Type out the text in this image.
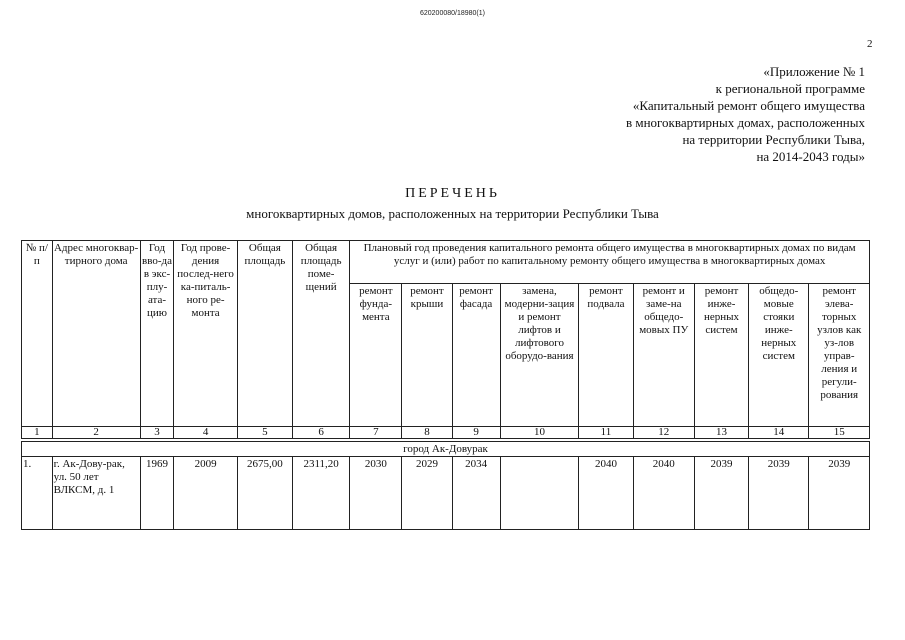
620200080/18980(1)
2
«Приложение № 1
к региональной программе
«Капитальный ремонт общего имущества
в многоквартирных домах, расположенных
на территории Республики Тыва,
на 2014-2043 годы»
ПЕРЕЧЕНЬ
многоквартирных домов, расположенных на территории Республики Тыва
№ п/п	Адрес многоквар-тирного дома	Год вво-да в экс-плу-ата-цию	Год прове-дения послед-него ка-питаль-ного ре-монта	Общая площадь	Общая площадь поме-щений	Плановый год проведения капитального ремонта общего имущества в многоквартирных домах по видам услуг и (или) работ по капитальному ремонту общего имущества в многоквартирных домах								
						ремонт фунда-мента	ремонт крыши	ремонт фасада	замена, модерни-зация и ремонт лифтов и лифтового оборудо-вания	ремонт подвала	ремонт и заме-на общедо-мовых ПУ	ремонт инже-нерных систем	общедо-мовые стояки инже-нерных систем	ремонт элева-торных узлов как уз-лов управ-ления и регули-рования
1	2	3	4	5	6	7	8	9	10	11	12	13	14	15

город Ак-Довурак														
1.	г. Ак-Дову-рак, ул. 50 лет ВЛКСМ, д. 1	1969	2009	2675,00	2311,20	2030	2029	2034		2040	2040	2039	2039	2039
